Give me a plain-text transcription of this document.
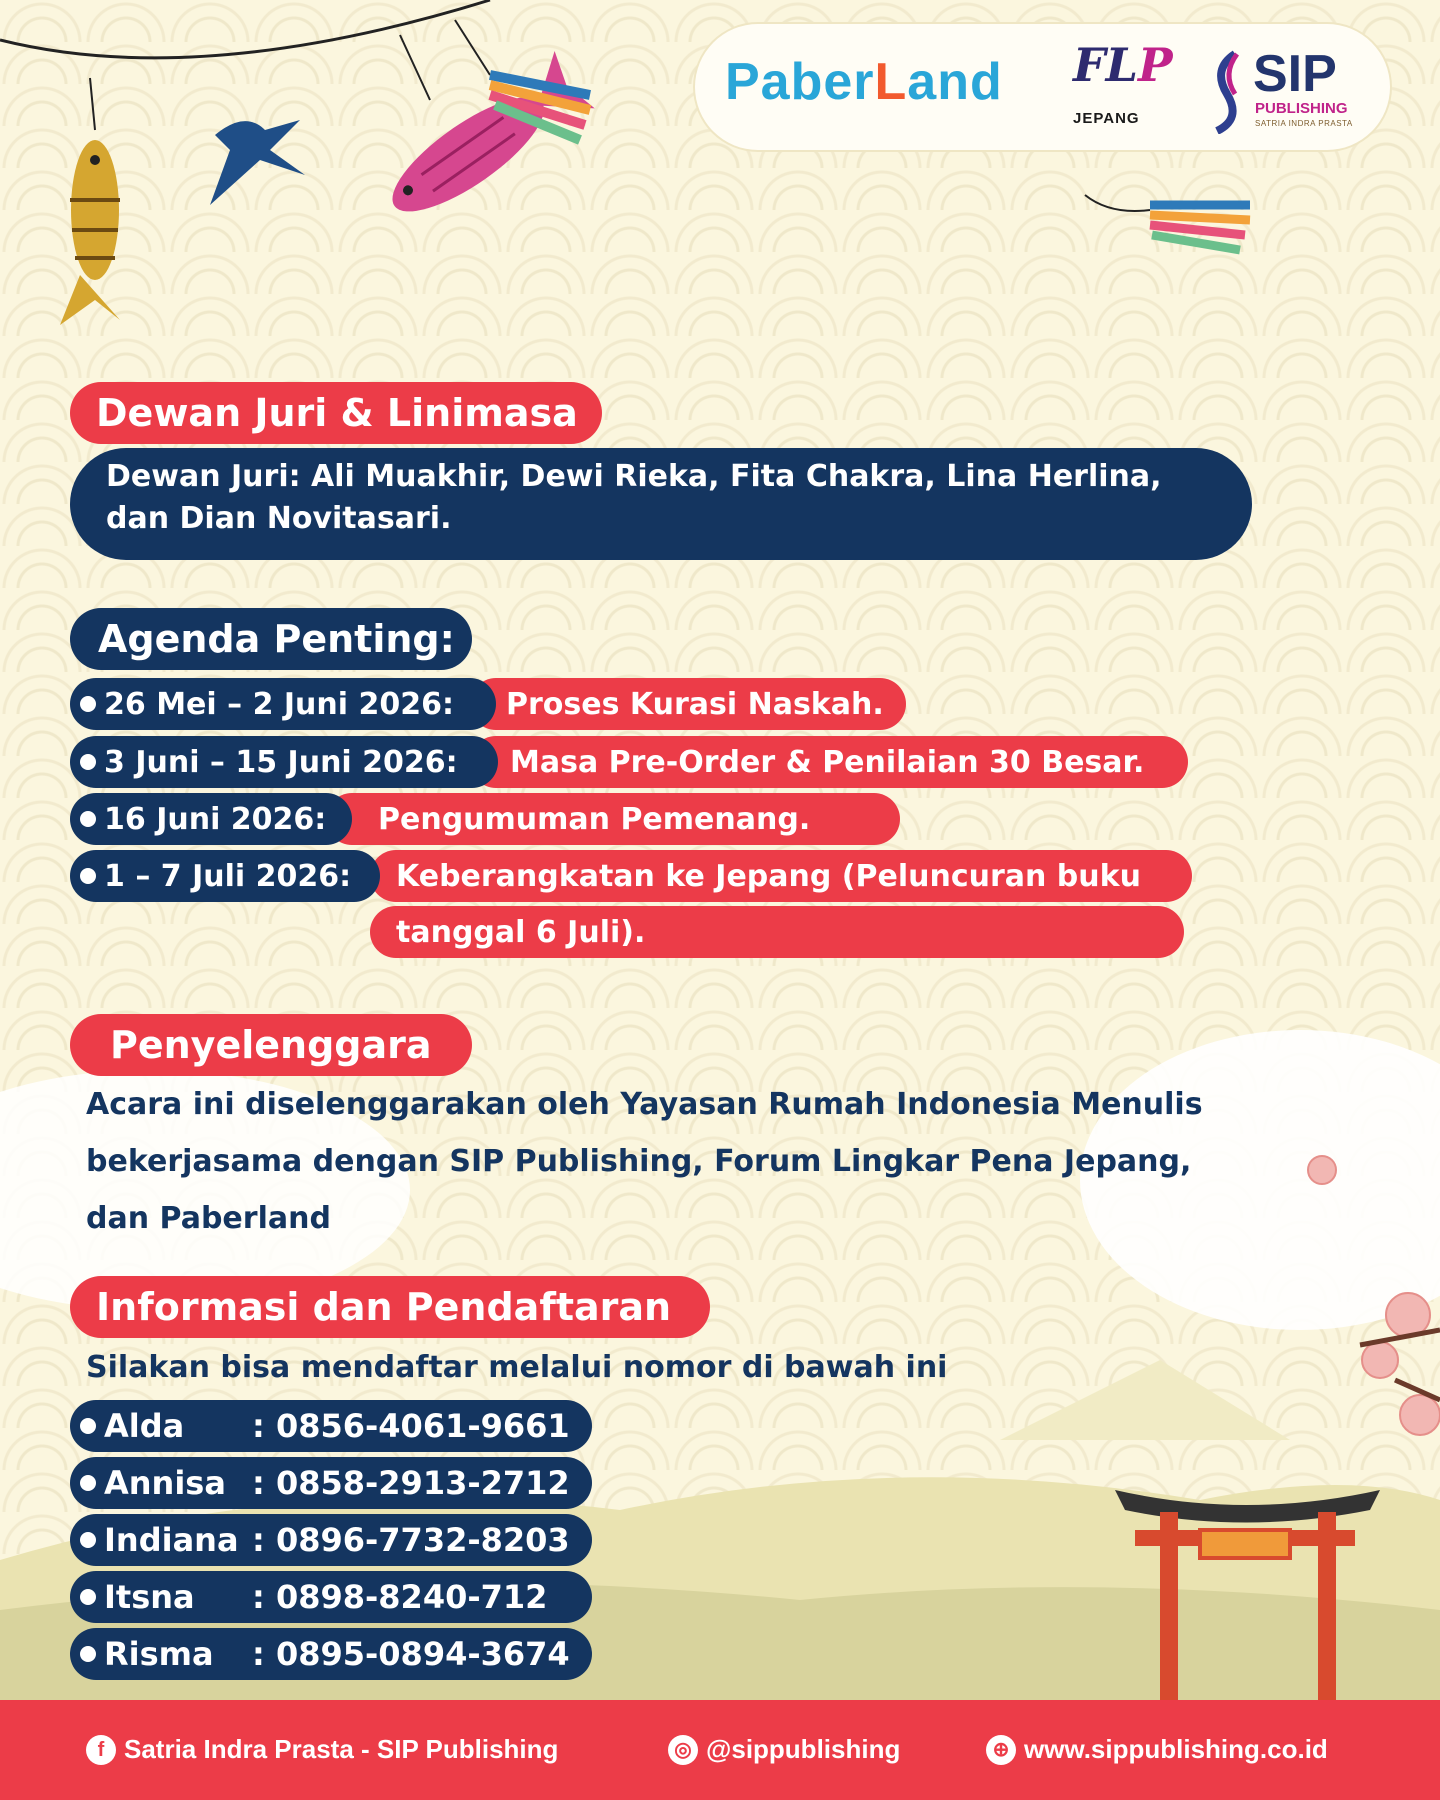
PaberLand FLP
JEPANG
SIP
PUBLISHING
SATRIA INDRA PRASTA
Dewan Juri & Linimasa
Dewan Juri: Ali Muakhir, Dewi Rieka, Fita Chakra, Lina Herlina,
dan Dian Novitasari.
Agenda Penting:
26 Mei – 2 Juni 2026: Proses Kurasi Naskah.
3 Juni – 15 Juni 2026: Masa Pre-Order & Penilaian 30 Besar.
16 Juni 2026: Pengumuman Pemenang.
1 – 7 Juli 2026: Keberangkatan ke Jepang (Peluncuran buku
tanggal 6 Juli).
Penyelenggara
Acara ini diselenggarakan oleh Yayasan Rumah Indonesia Menulis
bekerjasama dengan SIP Publishing, Forum Lingkar Pena Jepang,
dan Paberland
Informasi dan Pendaftaran
Silakan bisa mendaftar melalui nomor di bawah ini
Alda	: 0856-4061-9661
Annisa : 0858-2913-2712
Indiana : 0896-7732-8203
Itsna	: 0898-8240-712
Risma	: 0895-0894-3674
f Satria Indra Prasta - SIP Publishing	◎ @sippublishing	⊕ www.sippublishing.co.id
